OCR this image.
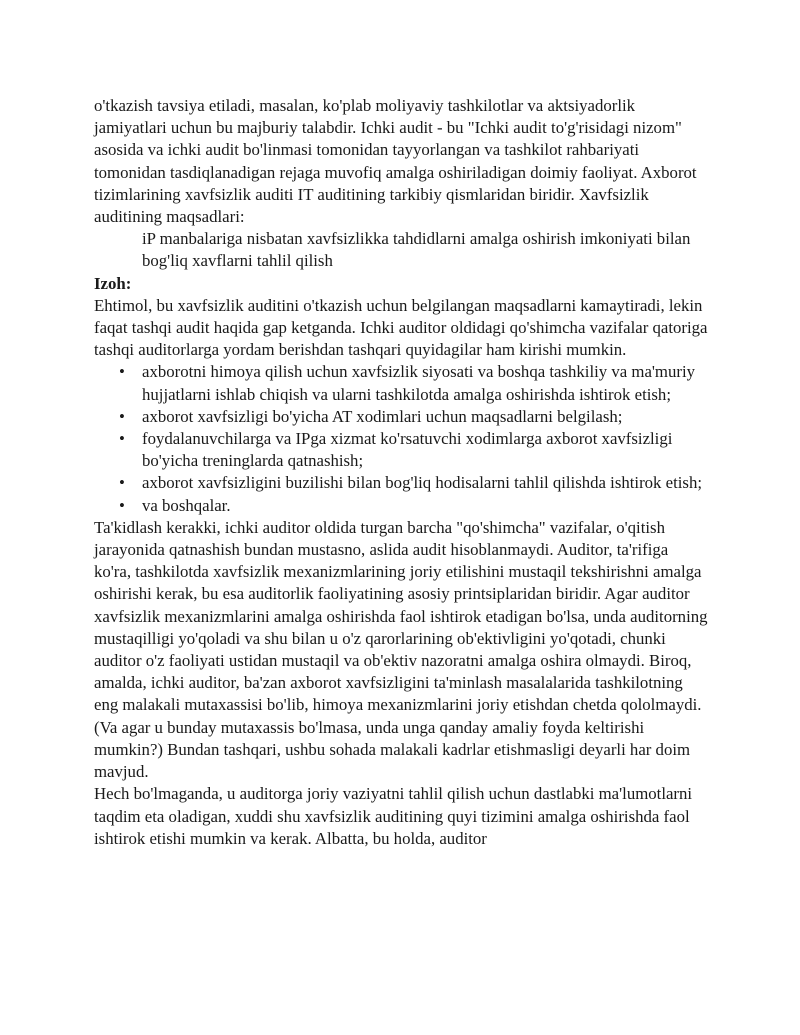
o'tkazish tavsiya etiladi, masalan, ko'plab moliyaviy tashkilotlar va aktsiyadorlik jamiyatlari uchun bu majburiy talabdir. Ichki audit - bu "Ichki audit to'g'risidagi nizom" asosida va ichki audit bo'linmasi tomonidan tayyorlangan va tashkilot rahbariyati tomonidan tasdiqlanadigan rejaga muvofiq amalga oshiriladigan doimiy faoliyat. Axborot tizimlarining xavfsizlik auditi IT auditining tarkibiy qismlaridan biridir. Xavfsizlik auditining maqsadlari:

iP manbalariga nisbatan xavfsizlikka tahdidlarni amalga oshirish imkoniyati bilan bog'liq xavflarni tahlil qilish

Izoh:

Ehtimol, bu xavfsizlik auditini o'tkazish uchun belgilangan maqsadlarni kamaytiradi, lekin faqat tashqi audit haqida gap ketganda. Ichki auditor oldidagi qo'shimcha vazifalar qatoriga tashqi auditorlarga yordam berishdan tashqari quyidagilar ham kirishi mumkin.

• axborotni himoya qilish uchun xavfsizlik siyosati va boshqa tashkiliy va ma'muriy hujjatlarni ishlab chiqish va ularni tashkilotda amalga oshirishda ishtirok etish;
• axborot xavfsizligi bo'yicha AT xodimlari uchun maqsadlarni belgilash;
• foydalanuvchilarga va IPga xizmat ko'rsatuvchi xodimlarga axborot xavfsizligi bo'yicha treninglarda qatnashish;
• axborot xavfsizligini buzilishi bilan bog'liq hodisalarni tahlil qilishda ishtirok etish;
• va boshqalar.

Ta'kidlash kerakki, ichki auditor oldida turgan barcha "qo'shimcha" vazifalar, o'qitish jarayonida qatnashish bundan mustasno, aslida audit hisoblanmaydi. Auditor, ta'rifiga ko'ra, tashkilotda xavfsizlik mexanizmlarining joriy etilishini mustaqil tekshirishni amalga oshirishi kerak, bu esa auditorlik faoliyatining asosiy printsiplaridan biridir. Agar auditor xavfsizlik mexanizmlarini amalga oshirishda faol ishtirok etadigan bo'lsa, unda auditorning mustaqilligi yo'qoladi va shu bilan u o'z qarorlarining ob'ektivligini yo'qotadi, chunki auditor o'z faoliyati ustidan mustaqil va ob'ektiv nazoratni amalga oshira olmaydi. Biroq, amalda, ichki auditor, ba'zan axborot xavfsizligini ta'minlash masalalarida tashkilotning eng malakali mutaxassisi bo'lib, himoya mexanizmlarini joriy etishdan chetda qololmaydi. (Va agar u bunday mutaxassis bo'lmasa, unda unga qanday amaliy foyda keltirishi mumkin?) Bundan tashqari, ushbu sohada malakali kadrlar etishmasligi deyarli har doim mavjud.

Hech bo'lmaganda, u auditorga joriy vaziyatni tahlil qilish uchun dastlabki ma'lumotlarni taqdim eta oladigan, xuddi shu xavfsizlik auditining quyi tizimini amalga oshirishda faol ishtirok etishi mumkin va kerak. Albatta, bu holda, auditor
